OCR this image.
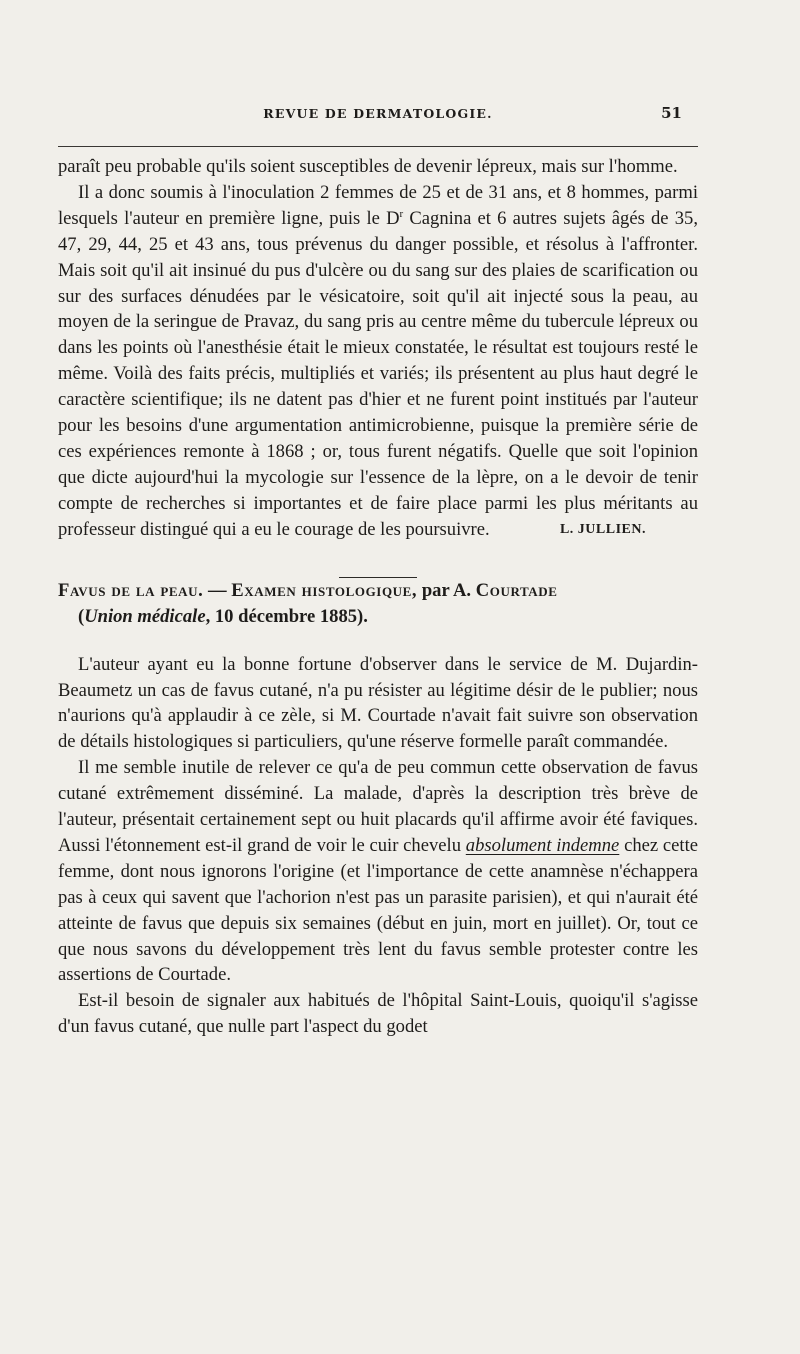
REVUE DE DERMATOLOGIE.	51

paraît peu probable qu'ils soient susceptibles de devenir lépreux, mais sur l'homme.

Il a donc soumis à l'inoculation 2 femmes de 25 et de 31 ans, et 8 hommes, parmi lesquels l'auteur en première ligne, puis le $D^r$ Cagnina et 6 autres sujets âgés de 35, 47, 29, 44, 25 et 43 ans, tous prévenus du danger possible, et résolus à l'affronter. Mais soit qu'il ait insinué du pus d'ulcère ou du sang sur des plaies de scarification ou sur des surfaces dénudées par le vésicatoire, soit qu'il ait injecté sous la peau, au moyen de la seringue de Pravaz, du sang pris au centre même du tubercule lépreux ou dans les points où l'anesthésie était le mieux constatée, le résultat est toujours resté le même. Voilà des faits précis, multipliés et variés; ils présentent au plus haut degré le caractère scientifique; ils ne datent pas d'hier et ne furent point institués par l'auteur pour les besoins d'une argumentation antimicrobienne, puisque la première série de ces expériences remonte à 1868 ; or, tous furent négatifs. Quelle que soit l'opinion que dicte aujourd'hui la mycologie sur l'essence de la lèpre, on a le devoir de tenir compte de recherches si importantes et de faire place parmi les plus méritants au professeur distingué qui a eu le courage de les poursuivre.	L. JULLIEN.

Favus de la peau. — Examen histologique, par A. Courtade

(Union médicale, 10 décembre 1885).

L'auteur ayant eu la bonne fortune d'observer dans le service de M. Dujardin-Beaumetz un cas de favus cutané, n'a pu résister au légitime désir de le publier; nous n'aurions qu'à applaudir à ce zèle, si M. Courtade n'avait fait suivre son observation de détails histologiques si particuliers, qu'une réserve formelle paraît commandée.

Il me semble inutile de relever ce qu'a de peu commun cette observation de favus cutané extrêmement disséminé. La malade, d'après la description très brève de l'auteur, présentait certainement sept ou huit placards qu'il affirme avoir été faviques. Aussi l'étonnement est-il grand de voir le cuir chevelu absolument indemne chez cette femme, dont nous ignorons l'origine (et l'importance de cette anamnèse n'échappera pas à ceux qui savent que l'achorion n'est pas un parasite parisien), et qui n'aurait été atteinte de favus que depuis six semaines (début en juin, mort en juillet). Or, tout ce que nous savons du développement très lent du favus semble protester contre les assertions de Courtade.

Est-il besoin de signaler aux habitués de l'hôpital Saint-Louis, quoiqu'il s'agisse d'un favus cutané, que nulle part l'aspect du godet
